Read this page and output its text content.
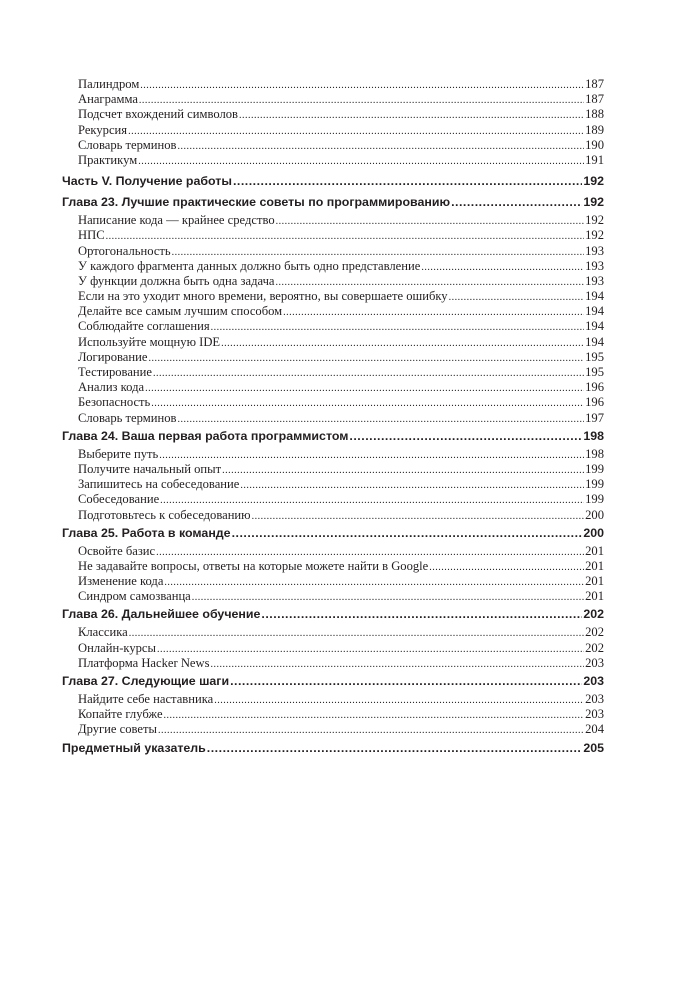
Палиндром .....	187
Анаграмма .....	187
Подсчет вхождений символов .....	188
Рекурсия .....	189
Словарь терминов .....	190
Практикум .....	191
Часть V. Получение работы .....	192
Глава 23. Лучшие практические советы по программированию .....	192
Написание кода — крайнее средство .....	192
НПС .....	192
Ортогональность .....	193
У каждого фрагмента данных должно быть одно представление .....	193
У функции должна быть одна задача .....	193
Если на это уходит много времени, вероятно, вы совершаете ошибку .....	194
Делайте все самым лучшим способом .....	194
Соблюдайте соглашения .....	194
Используйте мощную IDE .....	194
Логирование .....	195
Тестирование .....	195
Анализ кода .....	196
Безопасность .....	196
Словарь терминов .....	197
Глава 24. Ваша первая работа программистом .....	198
Выберите путь .....	198
Получите начальный опыт .....	199
Запишитесь на собеседование .....	199
Собеседование .....	199
Подготовьтесь к собеседованию .....	200
Глава 25. Работа в команде .....	200
Освойте базис .....	201
Не задавайте вопросы, ответы на которые можете найти в Google .....	201
Изменение кода .....	201
Синдром самозванца .....	201
Глава 26. Дальнейшее обучение .....	202
Классика .....	202
Онлайн-курсы .....	202
Платформа Hacker News .....	203
Глава 27. Следующие шаги .....	203
Найдите себе наставника .....	203
Копайте глубже .....	203
Другие советы .....	204
Предметный указатель .....	205
